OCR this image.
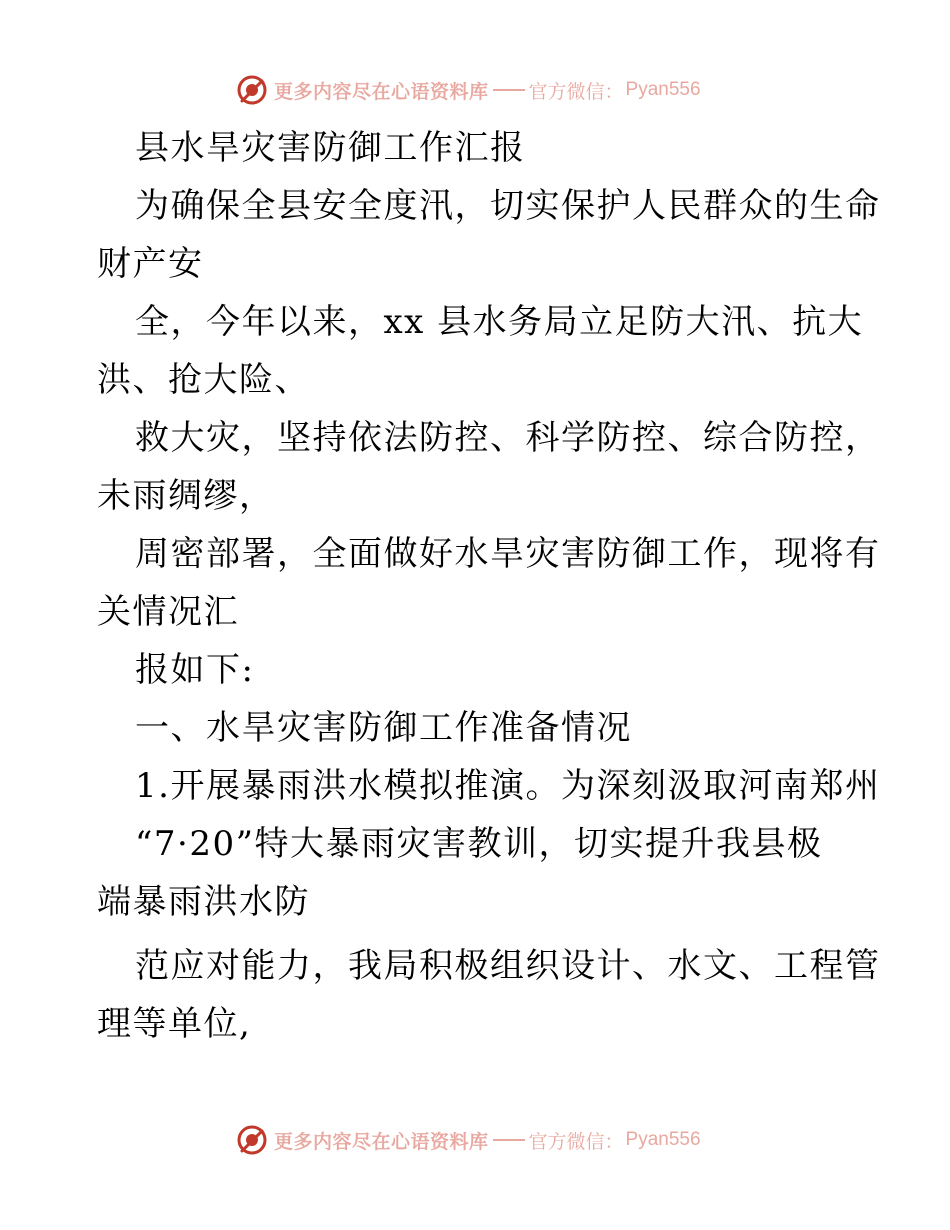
更多内容尽在心语资料库 官方微信： Pyan556

县水旱灾害防御工作汇报

为确保全县安全度汛，切实保护人民群众的生命

财产安

全，今年以来，xx 县水务局立足防大汛、抗大

洪、抢大险、

救大灾，坚持依法防控、科学防控、综合防控，

未雨绸缪，

周密部署，全面做好水旱灾害防御工作，现将有

关情况汇

报如下:

一、水旱灾害防御工作准备情况

1.开展暴雨洪水模拟推演。为深刻汲取河南郑州

“7·20”特大暴雨灾害教训，切实提升我县极

端暴雨洪水防

范应对能力，我局积极组织设计、水文、工程管

理等单位,

更多内容尽在心语资料库 官方微信： Pyan556
